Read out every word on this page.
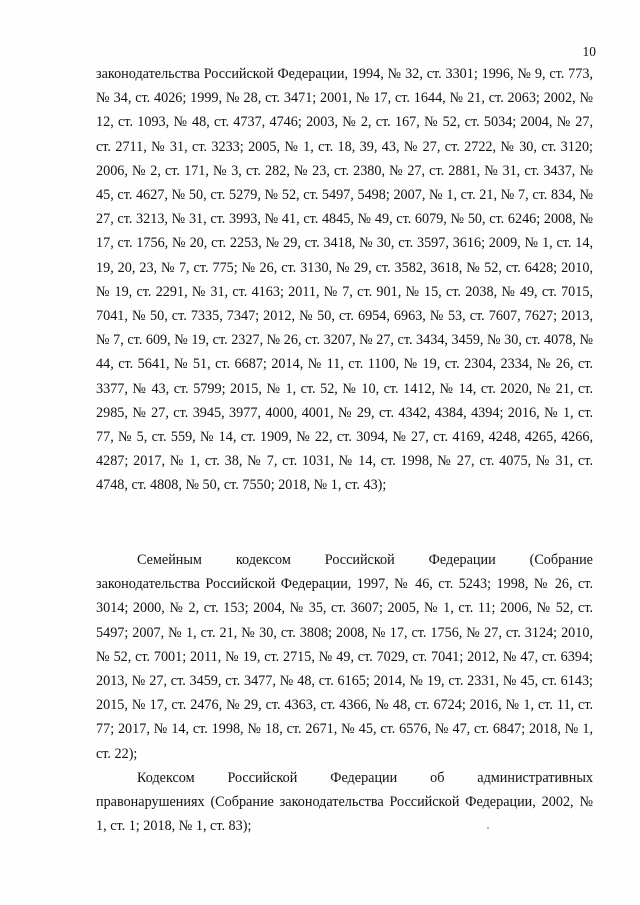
10

законодательства Российской Федерации, 1994, № 32, ст. 3301; 1996, № 9, ст. 773, № 34, ст. 4026; 1999, № 28, ст. 3471; 2001, № 17, ст. 1644, № 21, ст. 2063; 2002, № 12, ст. 1093, № 48, ст. 4737, 4746; 2003, № 2, ст. 167, № 52, ст. 5034; 2004, № 27, ст. 2711, № 31, ст. 3233; 2005, № 1, ст. 18, 39, 43, № 27, ст. 2722, № 30, ст. 3120; 2006, № 2, ст. 171, № 3, ст. 282, № 23, ст. 2380, № 27, ст. 2881, № 31, ст. 3437, № 45, ст. 4627, № 50, ст. 5279, № 52, ст. 5497, 5498; 2007, № 1, ст. 21, № 7, ст. 834, № 27, ст. 3213, № 31, ст. 3993, № 41, ст. 4845, № 49, ст. 6079, № 50, ст. 6246; 2008, № 17, ст. 1756, № 20, ст. 2253, № 29, ст. 3418, № 30, ст. 3597, 3616; 2009, № 1, ст. 14, 19, 20, 23, № 7, ст. 775; № 26, ст. 3130, № 29, ст. 3582, 3618, № 52, ст. 6428; 2010, № 19, ст. 2291, № 31, ст. 4163; 2011, № 7, ст. 901, № 15, ст. 2038, № 49, ст. 7015, 7041, № 50, ст. 7335, 7347; 2012, № 50, ст. 6954, 6963, № 53, ст. 7607, 7627; 2013, № 7, ст. 609, № 19, ст. 2327, № 26, ст. 3207, № 27, ст. 3434, 3459, № 30, ст. 4078, № 44, ст. 5641, № 51, ст. 6687; 2014, № 11, ст. 1100, № 19, ст. 2304, 2334, № 26, ст. 3377, № 43, ст. 5799; 2015, № 1, ст. 52, № 10, ст. 1412, № 14, ст. 2020, № 21, ст. 2985, № 27, ст. 3945, 3977, 4000, 4001, № 29, ст. 4342, 4384, 4394; 2016, № 1, ст. 77, № 5, ст. 559, № 14, ст. 1909, № 22, ст. 3094, № 27, ст. 4169, 4248, 4265, 4266, 4287; 2017, № 1, ст. 38, № 7, ст. 1031, № 14, ст. 1998, № 27, ст. 4075, № 31, ст. 4748, ст. 4808, № 50, ст. 7550; 2018, № 1, ст. 43);

Семейным кодексом Российской Федерации (Собрание

законодательства Российской Федерации, 1997, № 46, ст. 5243; 1998, № 26, ст. 3014; 2000, № 2, ст. 153; 2004, № 35, ст. 3607; 2005, № 1, ст. 11; 2006, № 52, ст. 5497; 2007, № 1, ст. 21, № 30, ст. 3808; 2008, № 17, ст. 1756, № 27, ст. 3124; 2010, № 52, ст. 7001; 2011, № 19, ст. 2715, № 49, ст. 7029, ст. 7041; 2012, № 47, ст. 6394; 2013, № 27, ст. 3459, ст. 3477, № 48, ст. 6165; 2014, № 19, ст. 2331, № 45, ст. 6143; 2015, № 17, ст. 2476, № 29, ст. 4363, ст. 4366, № 48, ст. 6724; 2016, № 1, ст. 11, ст. 77; 2017, № 14, ст. 1998, № 18, ст. 2671, № 45, ст. 6576, № 47, ст. 6847; 2018, № 1, ст. 22);

Кодексом Российской Федерации об административных

правонарушениях (Собрание законодательства Российской Федерации, 2002, № 1, ст. 1; 2018, № 1, ст. 83);
